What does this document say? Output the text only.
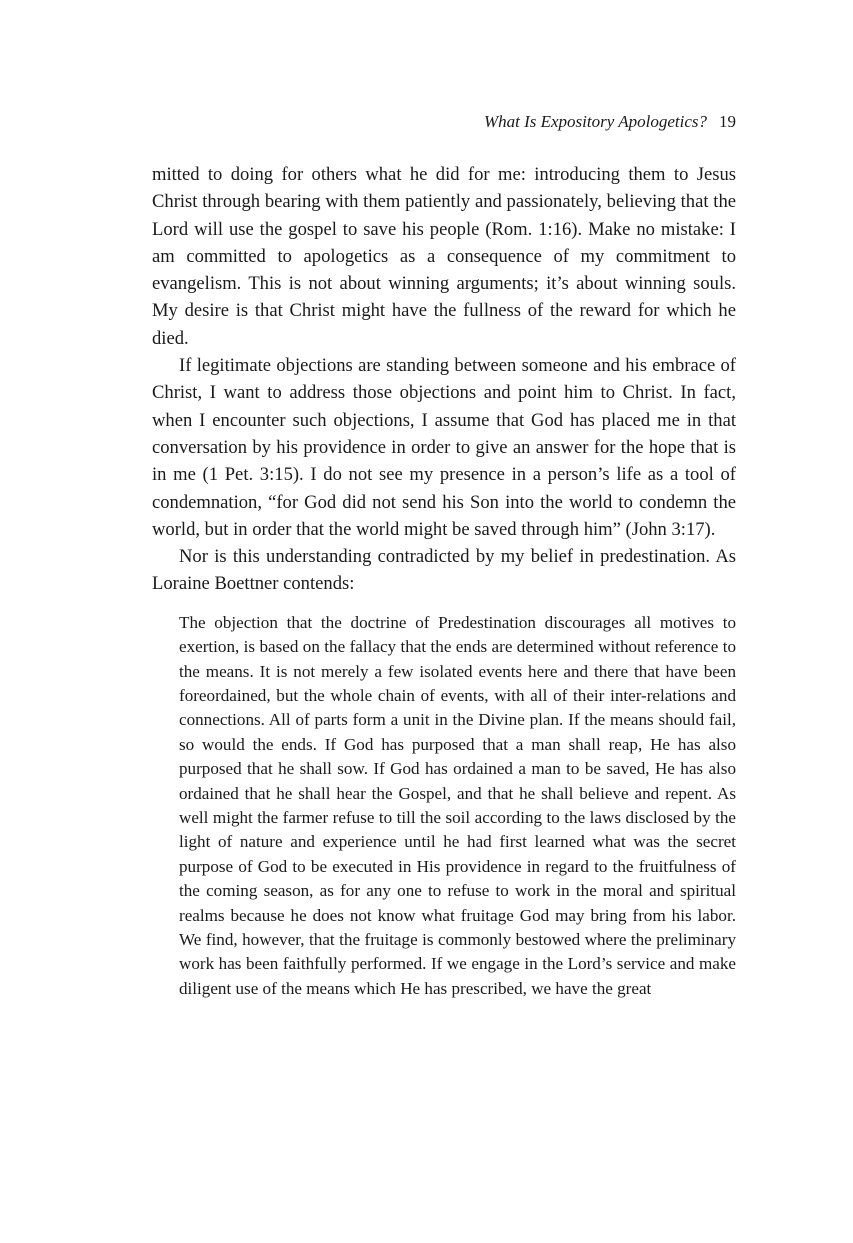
What Is Expository Apologetics? 19

mitted to doing for others what he did for me: introducing them to Jesus Christ through bearing with them patiently and passionately, believing that the Lord will use the gospel to save his people (Rom. 1:16). Make no mistake: I am committed to apologetics as a consequence of my commitment to evangelism. This is not about winning arguments; it’s about winning souls. My desire is that Christ might have the fullness of the reward for which he died.

If legitimate objections are standing between someone and his embrace of Christ, I want to address those objections and point him to Christ. In fact, when I encounter such objections, I assume that God has placed me in that conversation by his providence in order to give an answer for the hope that is in me (1 Pet. 3:15). I do not see my presence in a person’s life as a tool of condemnation, “for God did not send his Son into the world to condemn the world, but in order that the world might be saved through him” (John 3:17).

Nor is this understanding contradicted by my belief in predestination. As Loraine Boettner contends:

The objection that the doctrine of Predestination discourages all motives to exertion, is based on the fallacy that the ends are determined without reference to the means. It is not merely a few isolated events here and there that have been foreordained, but the whole chain of events, with all of their inter-relations and connections. All of parts form a unit in the Divine plan. If the means should fail, so would the ends. If God has purposed that a man shall reap, He has also purposed that he shall sow. If God has ordained a man to be saved, He has also ordained that he shall hear the Gospel, and that he shall believe and repent. As well might the farmer refuse to till the soil according to the laws disclosed by the light of nature and experience until he had first learned what was the secret purpose of God to be executed in His providence in regard to the fruitfulness of the coming season, as for any one to refuse to work in the moral and spiritual realms because he does not know what fruitage God may bring from his labor. We find, however, that the fruitage is commonly bestowed where the preliminary work has been faithfully performed. If we engage in the Lord’s service and make diligent use of the means which He has prescribed, we have the great
